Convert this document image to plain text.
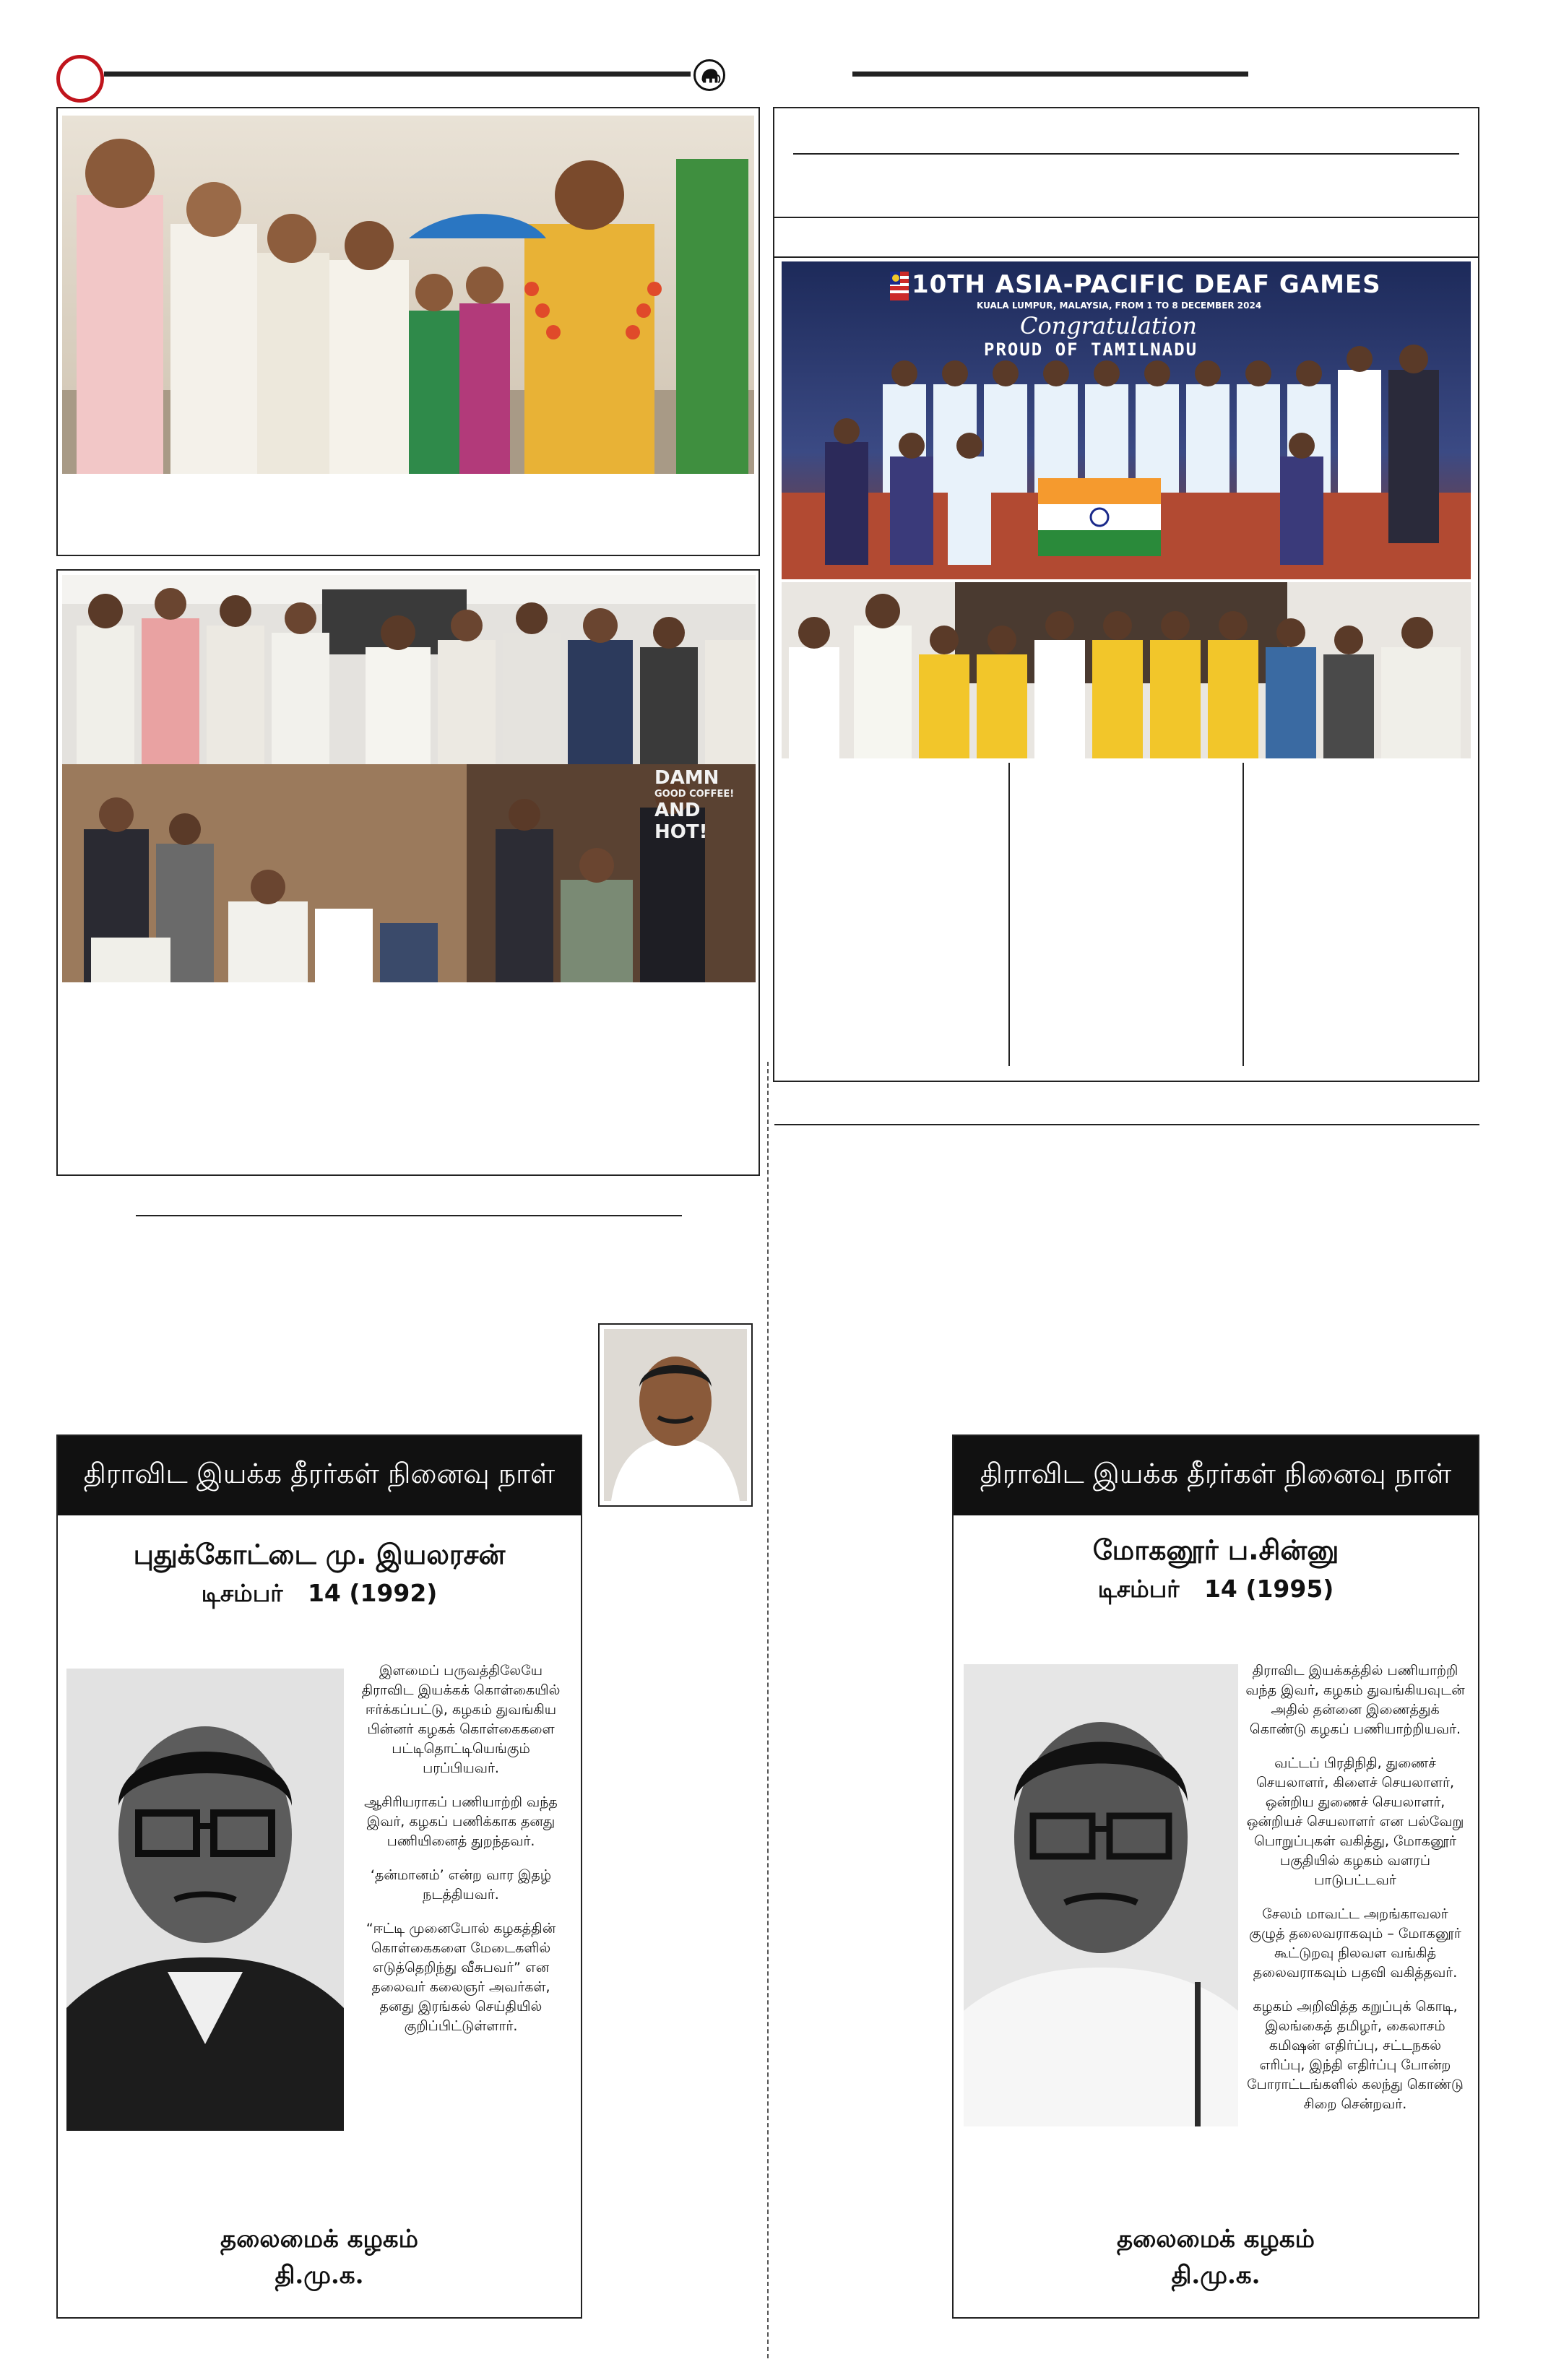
DAMN
GOOD COFFEE!
AND HOT!
10TH ASIA-PACIFIC DEAF GAMES
KUALA LUMPUR, MALAYSIA, FROM 1 TO 8 DECEMBER 2024
Congratulation
PROUD OF TAMILNADU
திராவிட இயக்க தீரர்கள் நினைவு நாள்
புதுக்கோட்டை மு. இயலரசன்
டிசம்பர்   14 (1992)

இளமைப் பருவத்திலேயே திராவிட இயக்கக் கொள்கையில் ஈர்க்கப்பட்டு, கழகம் துவங்கிய பின்னர் கழகக் கொள்கைகளை பட்டிதொட்டியெங்கும் பரப்பியவர்.

ஆசிரியராகப் பணியாற்றி வந்த இவர், கழகப் பணிக்காக தனது பணியினைத் துறந்தவர்.

‘தன்மானம்’ என்ற வார இதழ் நடத்தியவர்.

“ஈட்டி முனைபோல் கழகத்தின் கொள்கைகளை மேடைகளில் எடுத்தெறிந்து வீசுபவர்” என தலைவர் கலைஞர் அவர்கள், தனது இரங்கல் செய்தியில் குறிப்பிட்டுள்ளார்.

தலைமைக் கழகம்
தி.மு.க.
திராவிட இயக்க தீரர்கள் நினைவு நாள்
மோகனூர் ப.சின்னு
டிசம்பர்   14 (1995)

திராவிட இயக்கத்தில் பணியாற்றி வந்த இவர், கழகம் துவங்கியவுடன் அதில் தன்னை இணைத்துக் கொண்டு கழகப் பணியாற்றியவர்.

வட்டப் பிரதிநிதி, துணைச் செயலாளர், கிளைச் செயலாளர், ஒன்றிய துணைச் செயலாளர், ஒன்றியச் செயலாளர் என பல்வேறு பொறுப்புகள் வகித்து, மோகனூர் பகுதியில் கழகம் வளரப் பாடுபட்டவர்

சேலம் மாவட்ட அறங்காவலர் குழுத் தலைவராகவும் – மோகனூர் கூட்டுறவு நிலவள வங்கித் தலைவராகவும் பதவி வகித்தவர்.

கழகம் அறிவித்த கறுப்புக் கொடி, இலங்கைத் தமிழர், கைலாசம் கமிஷன் எதிர்ப்பு, சட்டநகல் எரிப்பு, இந்தி எதிர்ப்பு போன்ற போராட்டங்களில் கலந்து கொண்டு சிறை சென்றவர்.

தலைமைக் கழகம்
தி.மு.க.
